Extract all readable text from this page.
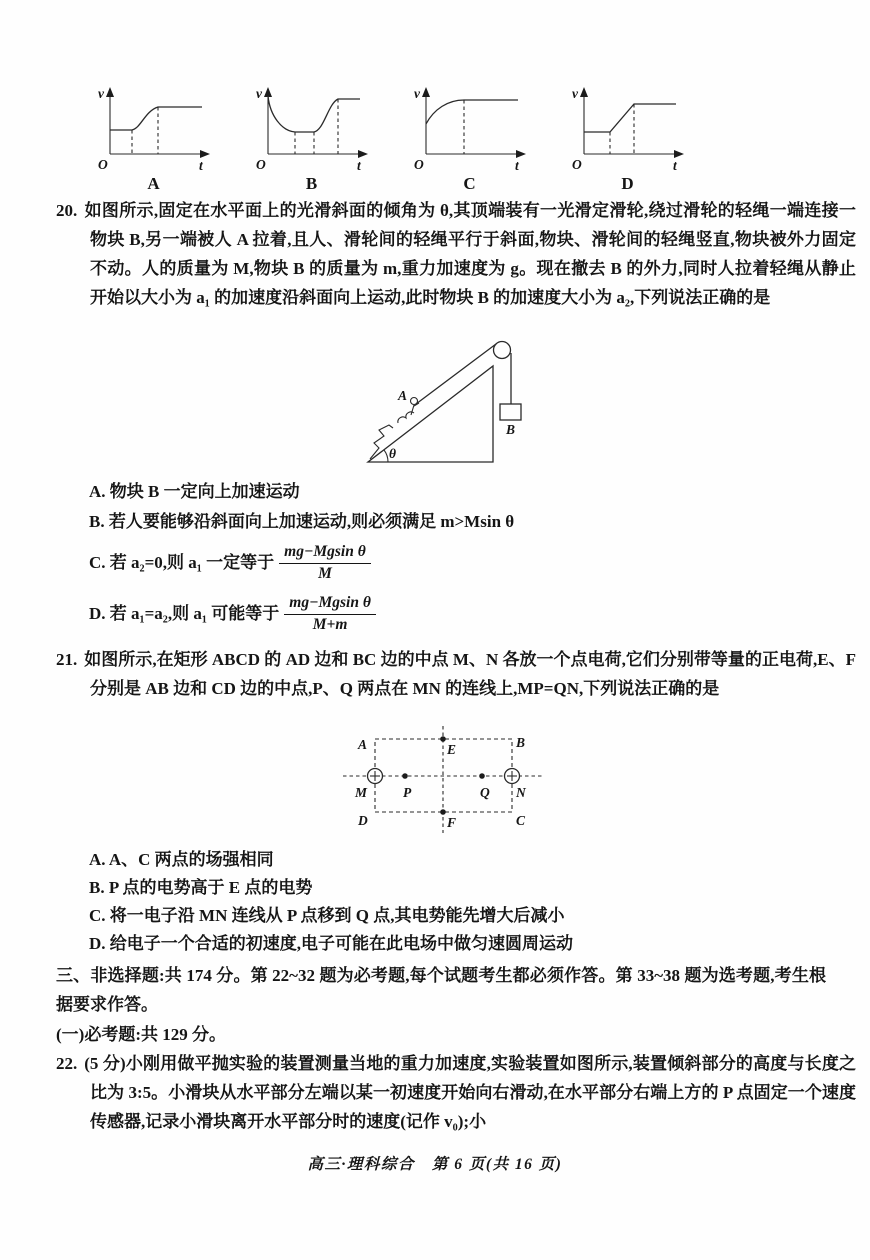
v
t
O
A
v
t
O
B
v
t
O
C
v
t
O
D
20. 如图所示,固定在水平面上的光滑斜面的倾角为 θ,其顶端装有一光滑定滑轮,绕过滑轮的轻绳一端连接一物块 B,另一端被人 A 拉着,且人、滑轮间的轻绳平行于斜面,物块、滑轮间的轻绳竖直,物块被外力固定不动。人的质量为 M,物块 B 的质量为 m,重力加速度为 g。现在撤去 B 的外力,同时人拉着轻绳从静止开始以大小为 a₁ 的加速度沿斜面向上运动,此时物块 B 的加速度大小为 a₂,下列说法正确的是
A
B
θ
A. 物块 B 一定向上加速运动
B. 若人要能够沿斜面向上加速运动,则必须满足 m>Msin θ
C. 若 a₂=0,则 a₁ 一定等于 $\frac{\text{mg−Mgsin θ}}{M}$
D. 若 a₁=a₂,则 a₁ 可能等于 $\frac{\text{mg−Mgsin θ}}{M+m}$
21. 如图所示,在矩形 ABCD 的 AD 边和 BC 边的中点 M、N 各放一个点电荷,它们分别带等量的正电荷,E、F 分别是 AB 边和 CD 边的中点,P、Q 两点在 MN 的连线上,MP=QN,下列说法正确的是
A	B
D	C
E
F
M	N
P	Q
A. A、C 两点的场强相同
B. P 点的电势高于 E 点的电势
C. 将一电子沿 MN 连线从 P 点移到 Q 点,其电势能先增大后减小
D. 给电子一个合适的初速度,电子可能在此电场中做匀速圆周运动
三、非选择题:共 174 分。第 22~32 题为必考题,每个试题考生都必须作答。第 33~38 题为选考题,考生根据要求作答。
(一)必考题:共 129 分。
22. (5 分)小刚用做平抛实验的装置测量当地的重力加速度,实验装置如图所示,装置倾斜部分的高度与长度之比为 3:5。小滑块从水平部分左端以某一初速度开始向右滑动,在水平部分右端上方的 P 点固定一个速度传感器,记录小滑块离开水平部分时的速度(记作 v₀);小
高三·理科综合　第 6 页(共 16 页)
